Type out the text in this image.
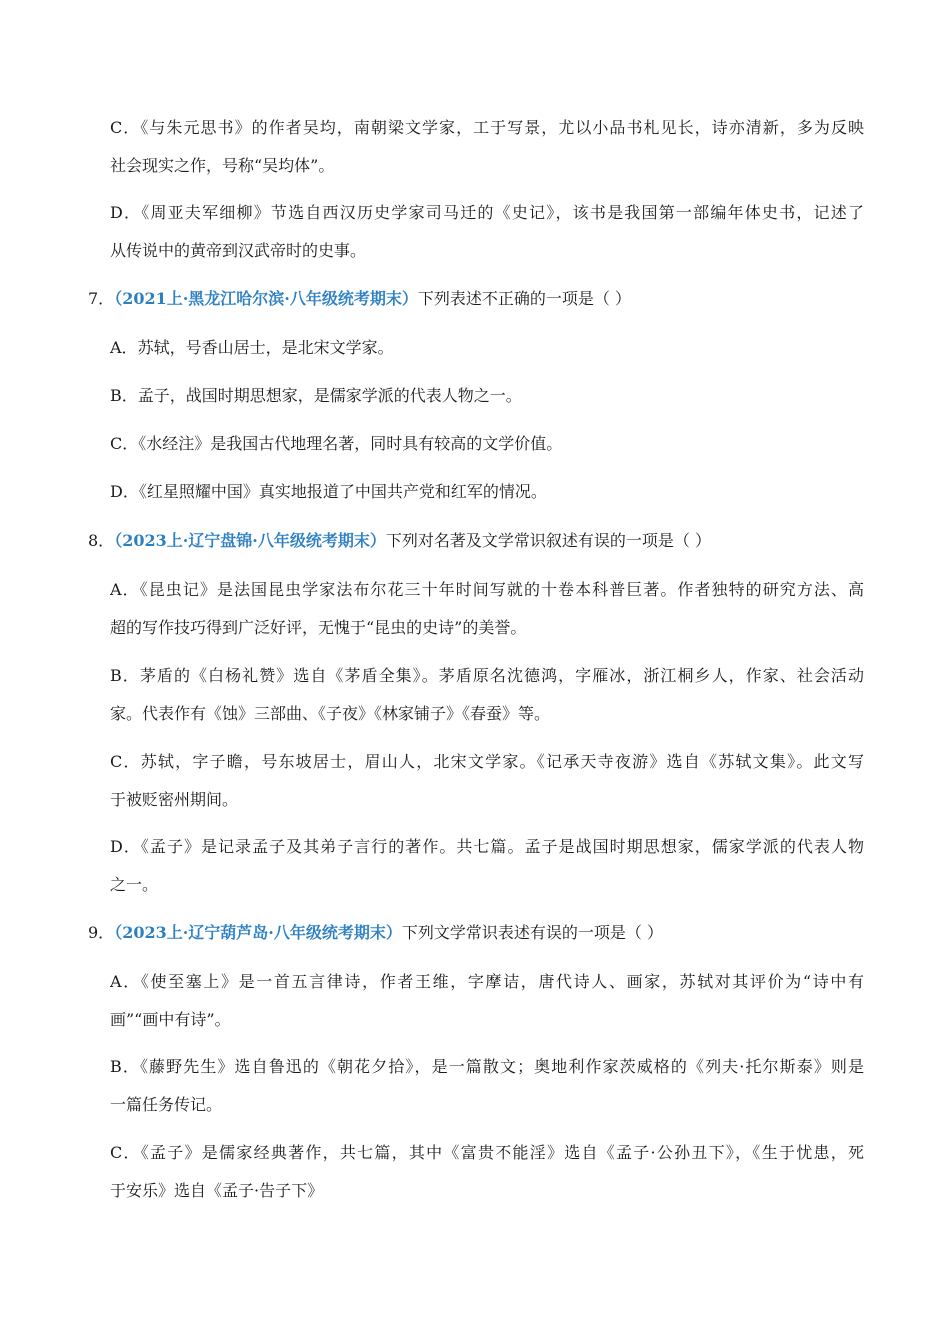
C．《与朱元思书》的作者吴均，南朝梁文学家，工于写景，尤以小品书札见长，诗亦清新，多为反映
社会现实之作，号称“吴均体”。
D．《周亚夫军细柳》节选自西汉历史学家司马迁的《史记》，该书是我国第一部编年体史书，记述了
从传说中的黄帝到汉武帝时的史事。
7．（2021上·黑龙江哈尔滨·八年级统考期末）下列表述不正确的一项是（ ）
A．苏轼，号香山居士，是北宋文学家。
B．孟子，战国时期思想家，是儒家学派的代表人物之一。
C．《水经注》是我国古代地理名著，同时具有较高的文学价值。
D．《红星照耀中国》真实地报道了中国共产党和红军的情况。
8．（2023上·辽宁盘锦·八年级统考期末）下列对名著及文学常识叙述有误的一项是（ ）
A．《昆虫记》是法国昆虫学家法布尔花三十年时间写就的十卷本科普巨著。作者独特的研究方法、高
超的写作技巧得到广泛好评，无愧于“昆虫的史诗”的美誉。
B．茅盾的《白杨礼赞》选自《茅盾全集》。茅盾原名沈德鸿，字雁冰，浙江桐乡人，作家、社会活动
家。代表作有《蚀》三部曲、《子夜》《林家铺子》《春蚕》等。
C．苏轼，字子瞻，号东坡居士，眉山人，北宋文学家。《记承天寺夜游》选自《苏轼文集》。此文写
于被贬密州期间。
D．《孟子》是记录孟子及其弟子言行的著作。共七篇。孟子是战国时期思想家，儒家学派的代表人物
之一。
9．（2023上·辽宁葫芦岛·八年级统考期末）下列文学常识表述有误的一项是（ ）
A．《使至塞上》是一首五言律诗，作者王维，字摩诘，唐代诗人、画家，苏轼对其评价为“诗中有
画”“画中有诗”。
B．《藤野先生》选自鲁迅的《朝花夕拾》，是一篇散文；奥地利作家茨威格的《列夫·托尔斯泰》则是
一篇任务传记。
C．《孟子》是儒家经典著作，共七篇，其中《富贵不能淫》选自《孟子·公孙丑下》，《生于忧患，死
于安乐》选自《孟子·告子下》
